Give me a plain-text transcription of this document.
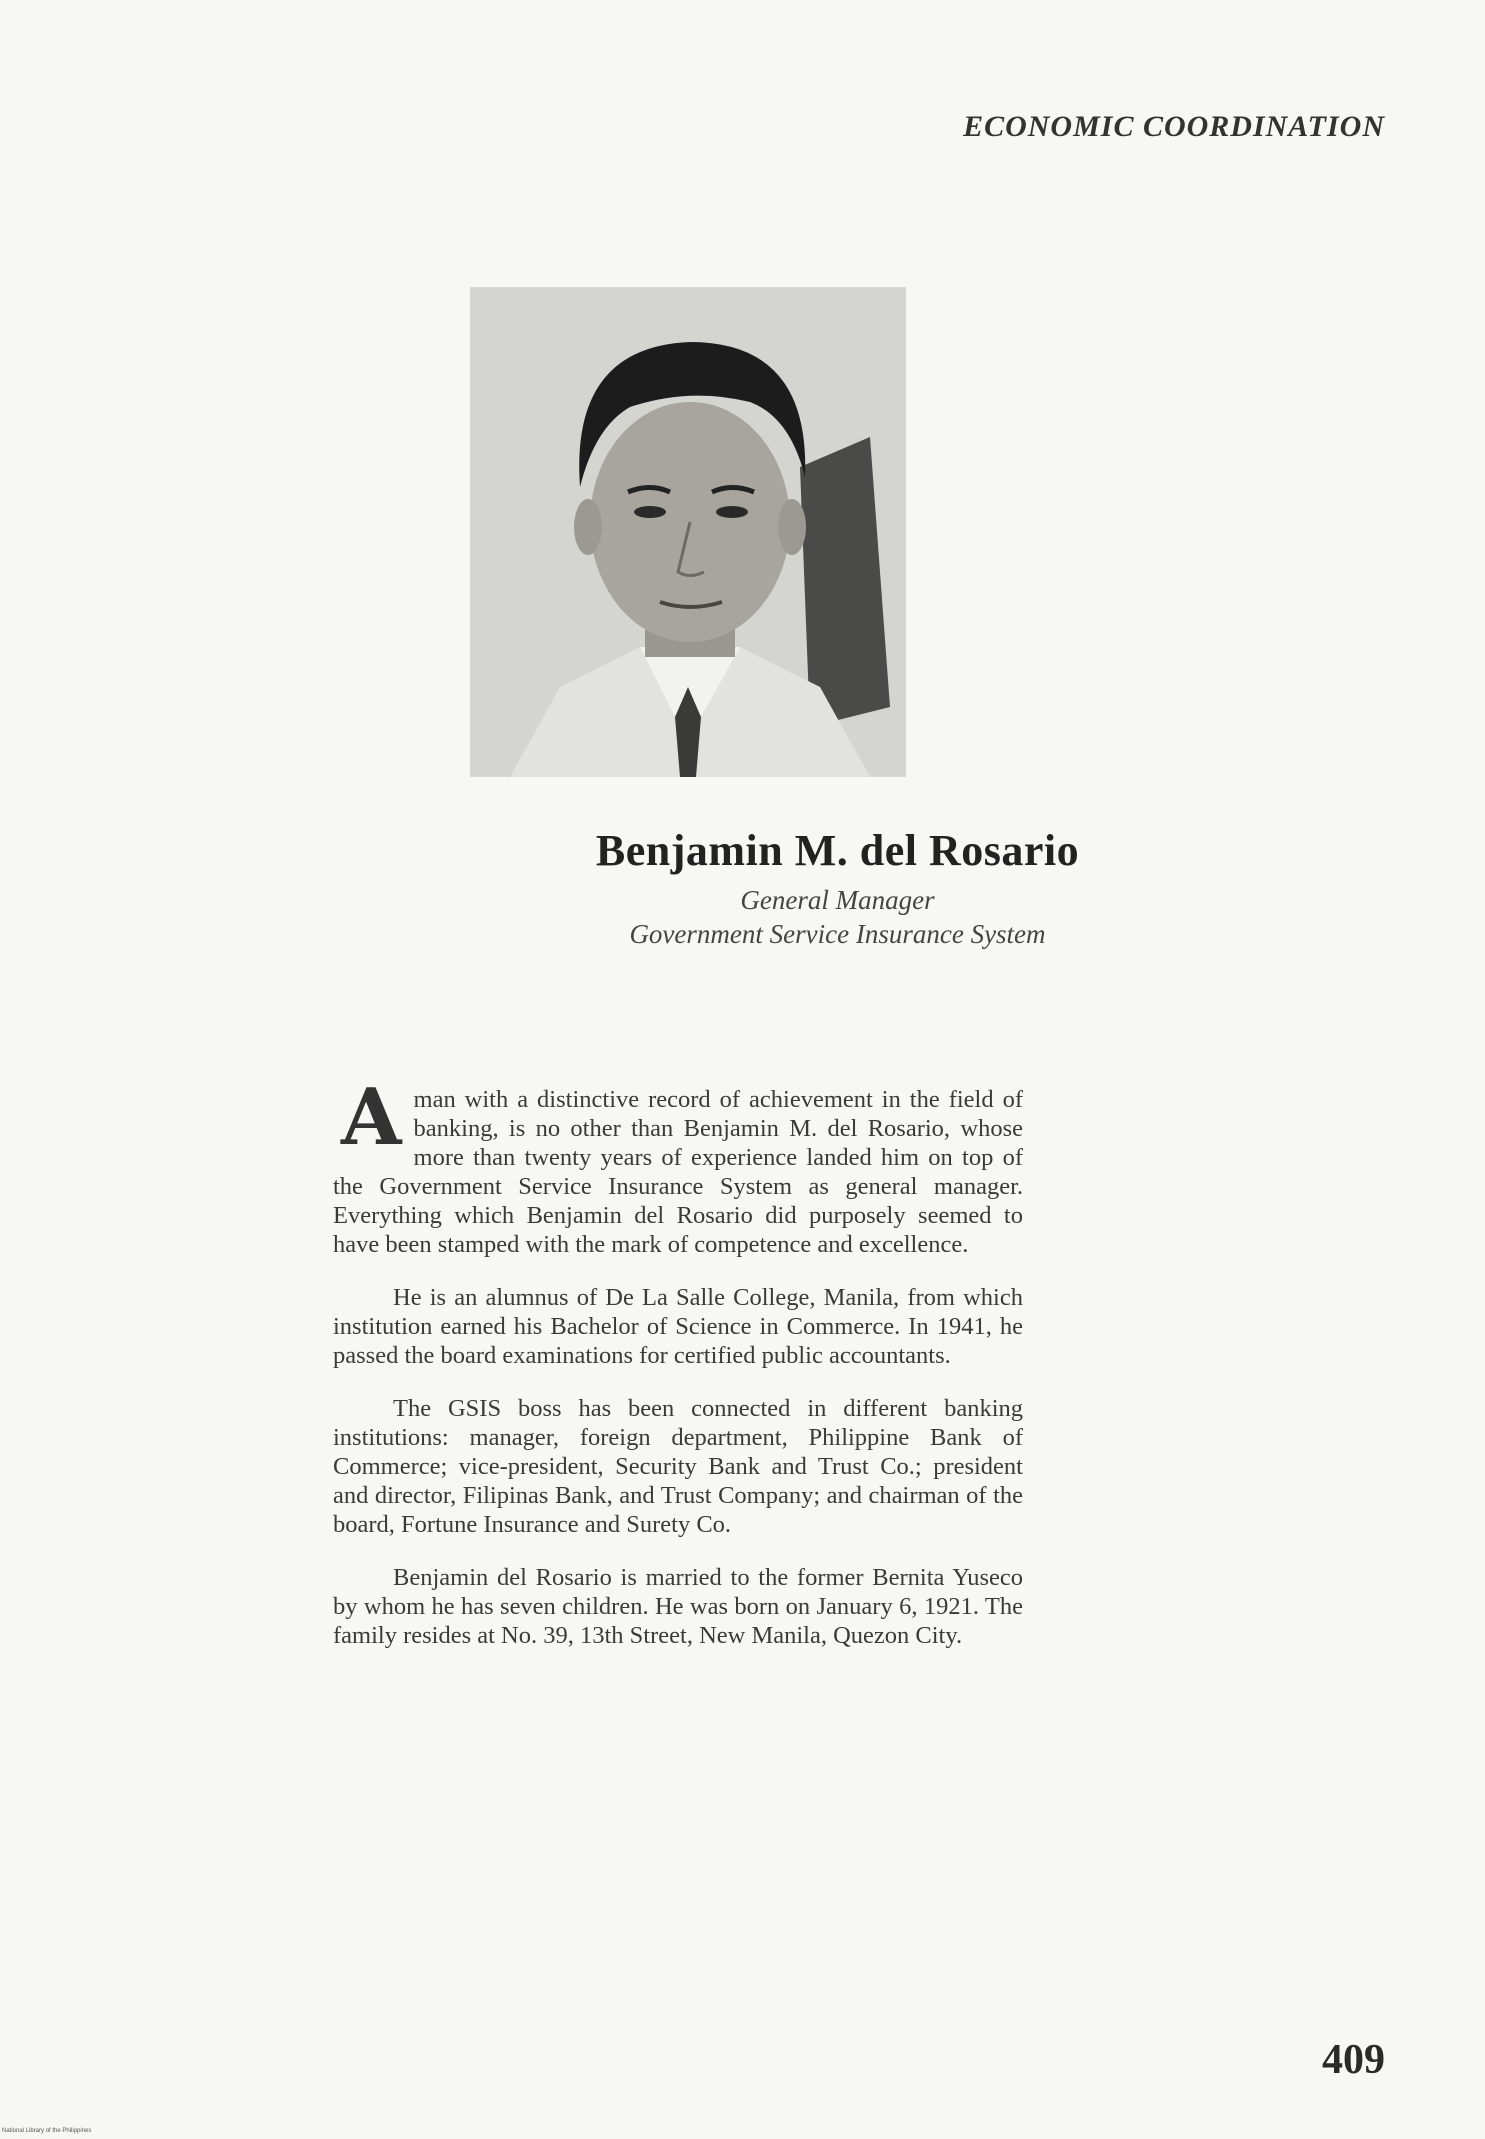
ECONOMIC COORDINATION
Benjamin M. del Rosario
General Manager
Government Service Insurance System

A man with a distinctive record of achievement in the field of banking, is no other than Benjamin M. del Rosario, whose more than twenty years of experience landed him on top of the Government Service Insurance System as general manager. Everything which Benjamin del Rosario did purposely seemed to have been stamped with the mark of competence and excellence.

He is an alumnus of De La Salle College, Manila, from which institution earned his Bachelor of Science in Commerce. In 1941, he passed the board examinations for certified public accountants.

The GSIS boss has been connected in different banking institutions: manager, foreign department, Philippine Bank of Commerce; vice-president, Security Bank and Trust Co.; president and director, Filipinas Bank, and Trust Company; and chairman of the board, Fortune Insurance and Surety Co.

Benjamin del Rosario is married to the former Bernita Yuseco by whom he has seven children. He was born on January 6, 1921. The family resides at No. 39, 13th Street, New Manila, Quezon City.

409
National Library of the Philippines
